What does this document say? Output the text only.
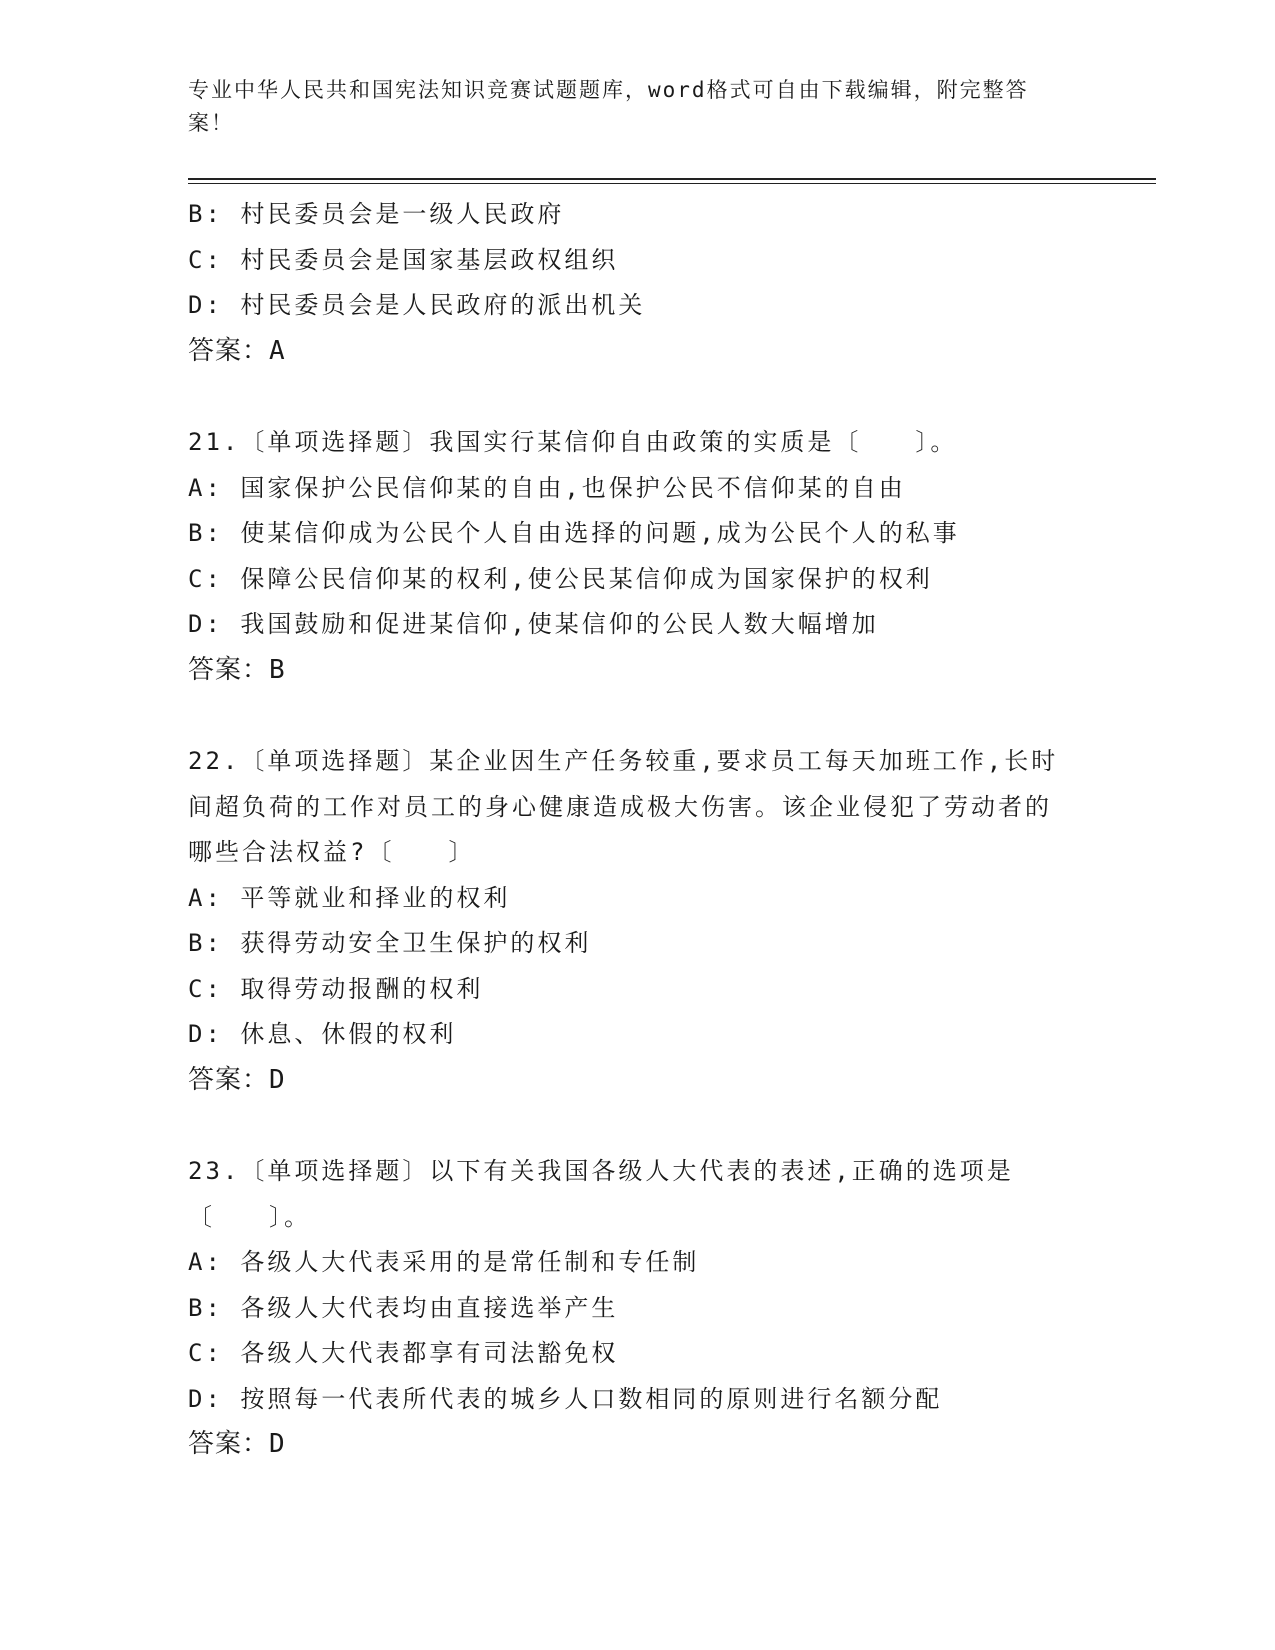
专业中华人民共和国宪法知识竞赛试题题库，word格式可自由下载编辑，附完整答案！
B: 村民委员会是一级人民政府
C: 村民委员会是国家基层政权组织
D: 村民委员会是人民政府的派出机关
答案：A
21.〔单项选择题〕我国实行某信仰自由政策的实质是〔　　〕。
A: 国家保护公民信仰某的自由,也保护公民不信仰某的自由
B: 使某信仰成为公民个人自由选择的问题,成为公民个人的私事
C: 保障公民信仰某的权利,使公民某信仰成为国家保护的权利
D: 我国鼓励和促进某信仰,使某信仰的公民人数大幅增加
答案：B
22.〔单项选择题〕某企业因生产任务较重,要求员工每天加班工作,长时间超负荷的工作对员工的身心健康造成极大伤害。该企业侵犯了劳动者的哪些合法权益?〔　　〕
A: 平等就业和择业的权利
B: 获得劳动安全卫生保护的权利
C: 取得劳动报酬的权利
D: 休息、休假的权利
答案：D
23.〔单项选择题〕以下有关我国各级人大代表的表述,正确的选项是〔　　〕。
A: 各级人大代表采用的是常任制和专任制
B: 各级人大代表均由直接选举产生
C: 各级人大代表都享有司法豁免权
D: 按照每一代表所代表的城乡人口数相同的原则进行名额分配
答案：D
